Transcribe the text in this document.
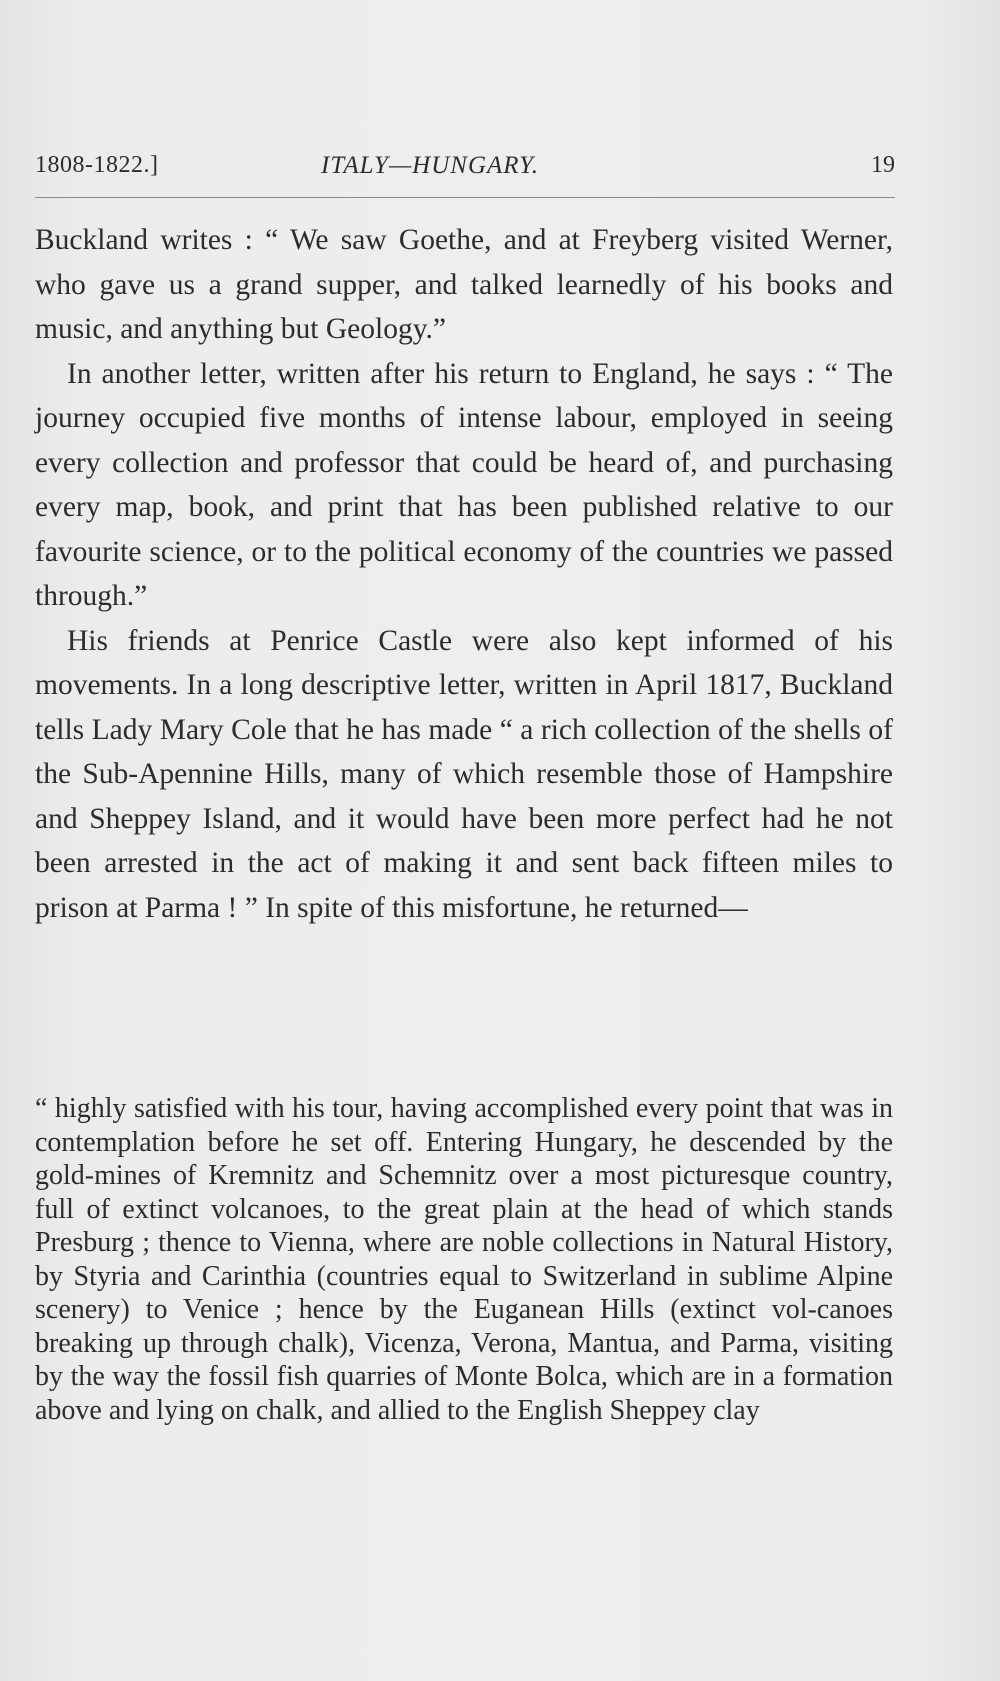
1808-1822.]	ITALY—HUNGARY.	19

Buckland writes : “ We saw Goethe, and at Freyberg visited Werner, who gave us a grand supper, and talked learnedly of his books and music, and anything but Geology.”

In another letter, written after his return to England, he says : “ The journey occupied five months of intense labour, employed in seeing every collection and professor that could be heard of, and purchasing every map, book, and print that has been published relative to our favourite science, or to the political economy of the countries we passed through.”

His friends at Penrice Castle were also kept informed of his movements. In a long descriptive letter, written in April 1817, Buckland tells Lady Mary Cole that he has made “ a rich collection of the shells of the Sub-Apennine Hills, many of which resemble those of Hampshire and Sheppey Island, and it would have been more perfect had he not been arrested in the act of making it and sent back fifteen miles to prison at Parma ! ” In spite of this misfortune, he returned—

“ highly satisfied with his tour, having accomplished every point that was in contemplation before he set off. Entering Hungary, he descended by the gold-mines of Kremnitz and Schemnitz over a most picturesque country, full of extinct volcanoes, to the great plain at the head of which stands Presburg ; thence to Vienna, where are noble collections in Natural History, by Styria and Carinthia (countries equal to Switzerland in sublime Alpine scenery) to Venice ; hence by the Euganean Hills (extinct vol-canoes breaking up through chalk), Vicenza, Verona, Mantua, and Parma, visiting by the way the fossil fish quarries of Monte Bolca, which are in a formation above and lying on chalk, and allied to the English Sheppey clay
